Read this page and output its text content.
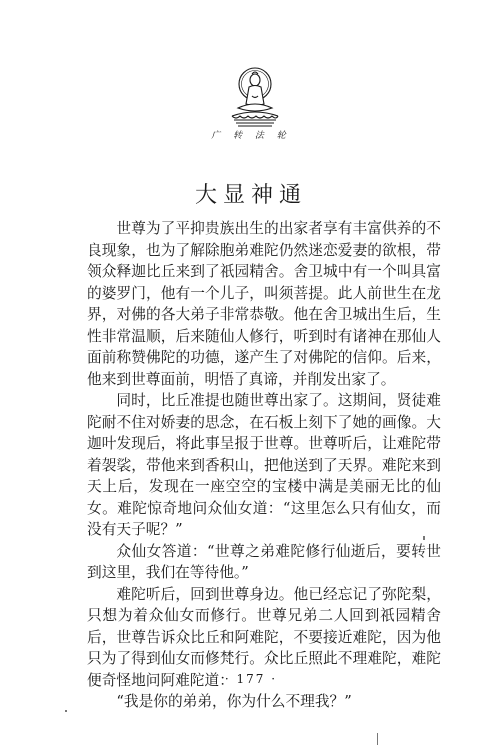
广 转 法 轮
大显神通

世尊为了平抑贵族出生的出家者享有丰富供养的不良现象，也为了解除胞弟难陀仍然迷恋爱妻的欲根，带领众释迦比丘来到了祇园精舍。舍卫城中有一个叫具富的婆罗门，他有一个儿子，叫须菩提。此人前世生在龙界，对佛的各大弟子非常恭敬。他在舍卫城出生后，生性非常温顺，后来随仙人修行，听到时有诸神在那仙人面前称赞佛陀的功德，遂产生了对佛陀的信仰。后来，他来到世尊面前，明悟了真谛，并削发出家了。

同时，比丘准提也随世尊出家了。这期间，贤徒难陀耐不住对娇妻的思念，在石板上刻下了她的画像。大迦叶发现后，将此事呈报于世尊。世尊听后，让难陀带着袈裟，带他来到香积山，把他送到了天界。难陀来到天上后，发现在一座空空的宝楼中满是美丽无比的仙女。难陀惊奇地问众仙女道：“这里怎么只有仙女，而没有天子呢？”

众仙女答道：“世尊之弟难陀修行仙逝后，要转世到这里，我们在等待他。”

难陀听后，回到世尊身边。他已经忘记了弥陀梨，只想为着众仙女而修行。世尊兄弟二人回到祇园精舍后，世尊告诉众比丘和阿难陀，不要接近难陀，因为他只为了得到仙女而修梵行。众比丘照此不理难陀，难陀便奇怪地问阿难陀道：

“我是你的弟弟，你为什么不理我？”

· 177 ·
